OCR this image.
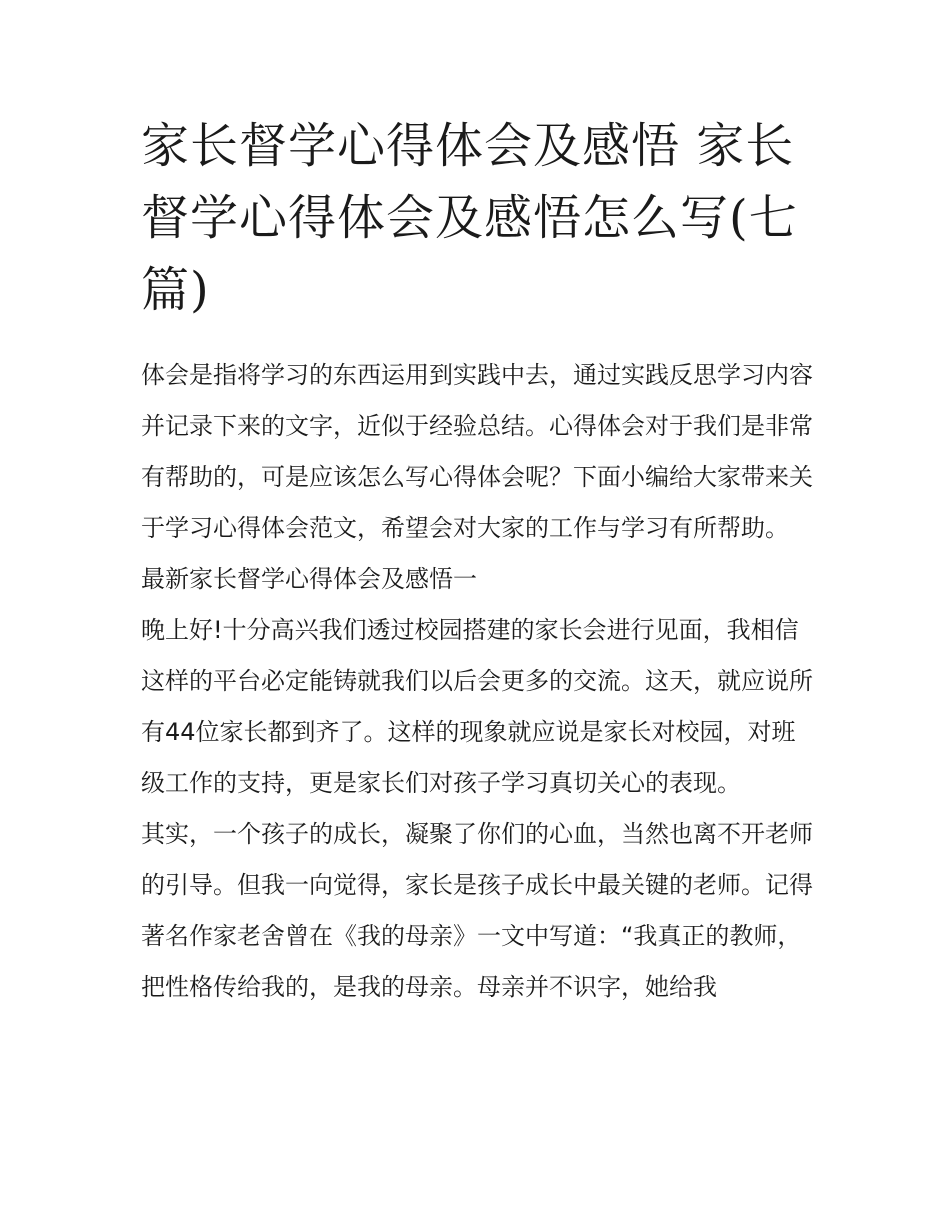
家长督学心得体会及感悟 家长督学心得体会及感悟怎么写(七篇)

体会是指将学习的东西运用到实践中去，通过实践反思学习内容并记录下来的文字，近似于经验总结。心得体会对于我们是非常有帮助的，可是应该怎么写心得体会呢？下面小编给大家带来关于学习心得体会范文，希望会对大家的工作与学习有所帮助。

最新家长督学心得体会及感悟一

晚上好!十分高兴我们透过校园搭建的家长会进行见面，我相信这样的平台必定能铸就我们以后会更多的交流。这天，就应说所有44位家长都到齐了。这样的现象就应说是家长对校园，对班级工作的支持，更是家长们对孩子学习真切关心的表现。

其实，一个孩子的成长，凝聚了你们的心血，当然也离不开老师的引导。但我一向觉得，家长是孩子成长中最关键的老师。记得著名作家老舍曾在《我的母亲》一文中写道：“我真正的教师，把性格传给我的，是我的母亲。母亲并不识字，她给我
